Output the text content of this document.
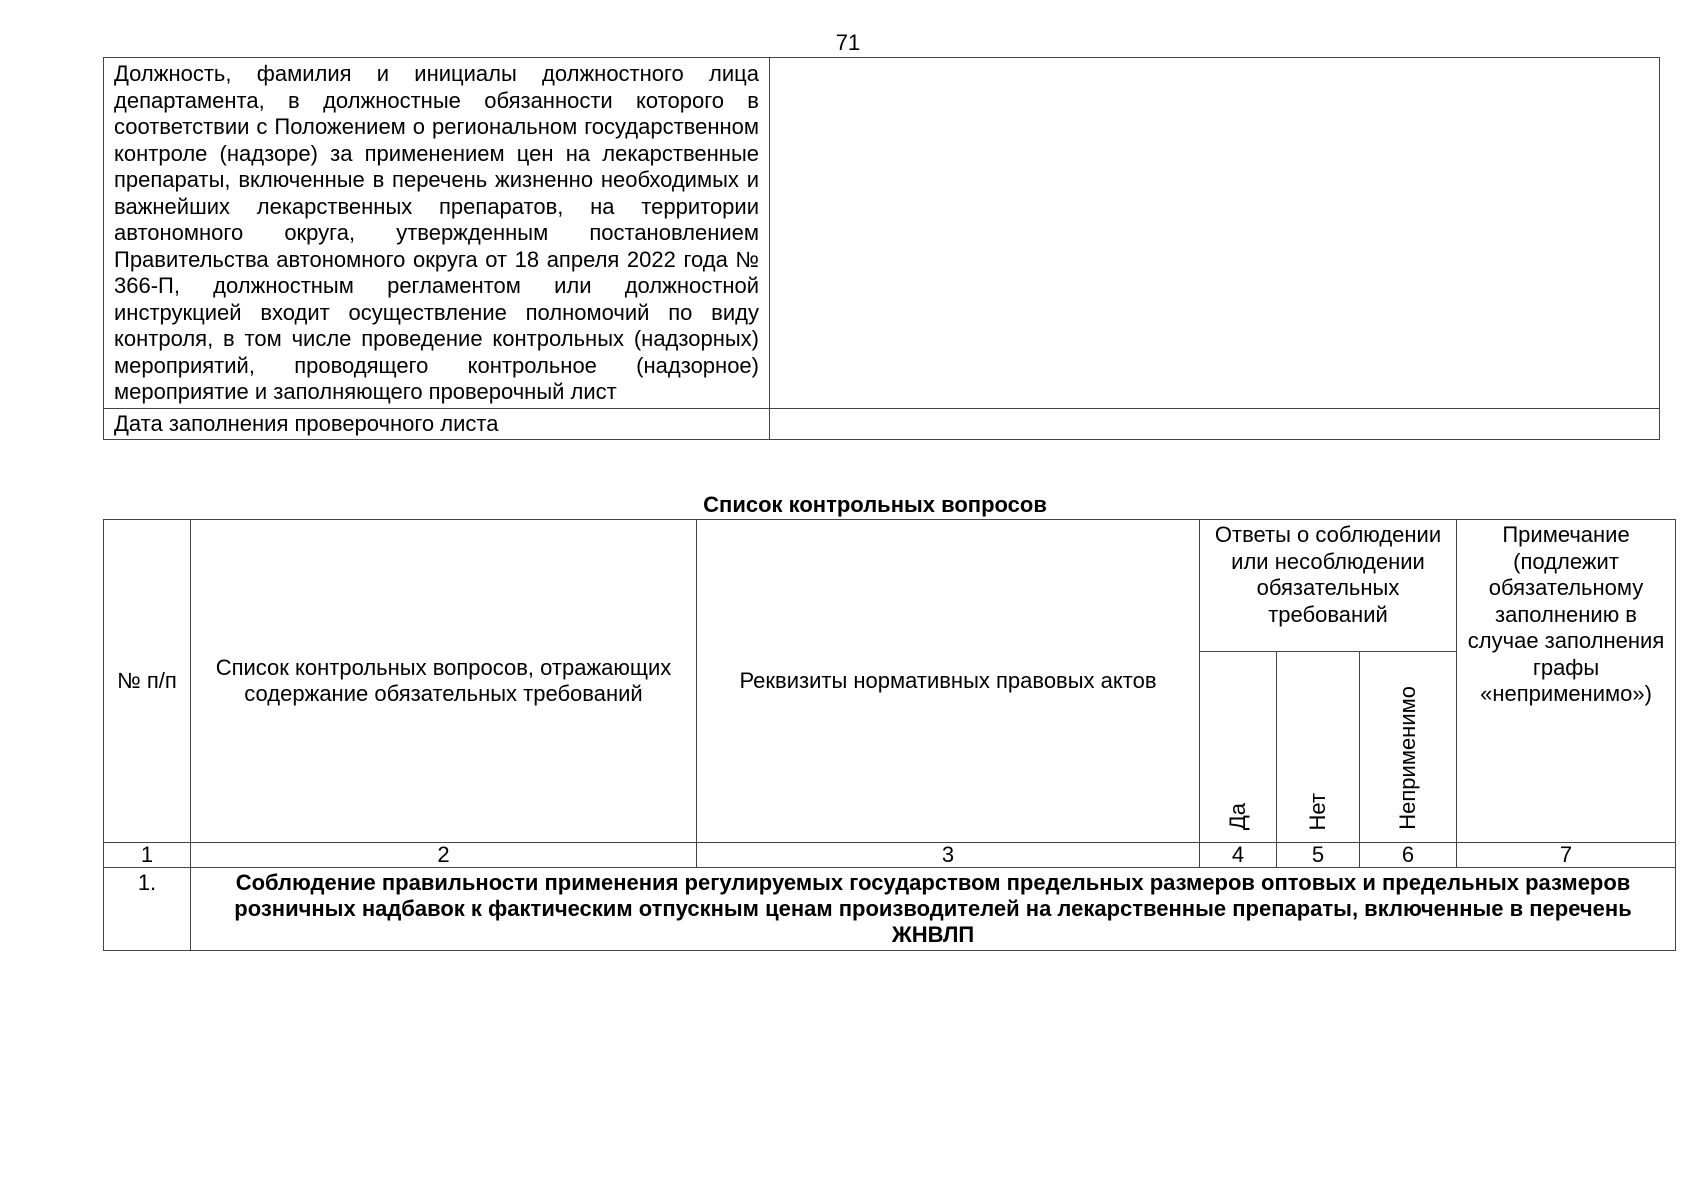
71
Должность, фамилия и инициалы должностного лица департамента, в должностные обязанности которого в соответствии с Положением о региональном государственном контроле (надзоре) за применением цен на лекарственные препараты, включенные в перечень жизненно необходимых и важнейших лекарственных препаратов, на территории автономного округа, утвержденным постановлением Правительства автономного округа от 18 апреля 2022 года № 366-П, должностным регламентом или должностной инструкцией входит осуществление полномочий по виду контроля, в том числе проведение контрольных (надзорных) мероприятий, проводящего контрольное (надзорное) мероприятие и заполняющего проверочный лист	
Дата заполнения проверочного листа	
Список контрольных вопросов
№ п/п	Список контрольных вопросов, отражающих содержание обязательных требований	Реквизиты нормативных правовых актов	Ответы о соблюдении или несоблюдении обязательных требований			Примечание (подлежит обязательному заполнению в случае заполнения графы «неприменимо»)

			Да	Нет	Неприменимо	

1	2	3	4	5	6	7
1.	Соблюдение правильности применения регулируемых государством предельных размеров оптовых и предельных размеров розничных надбавок к фактическим отпускным ценам производителей на лекарственные препараты, включенные в перечень ЖНВЛП					
